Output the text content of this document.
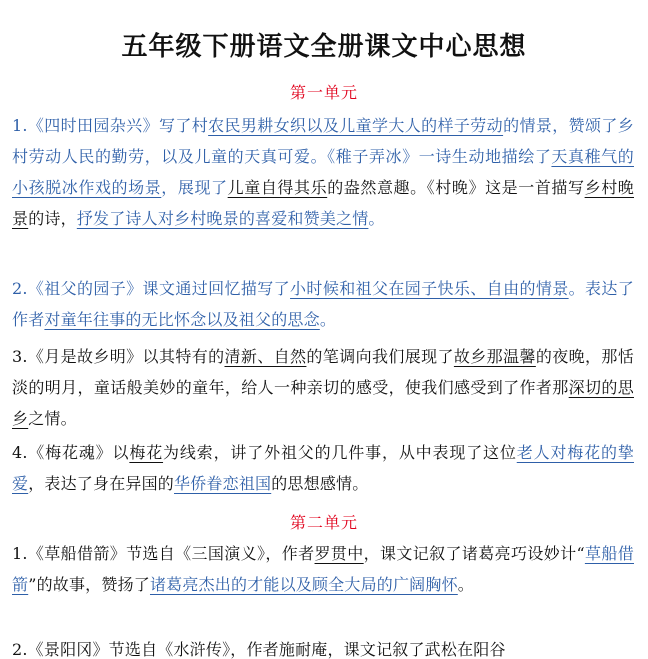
五年级下册语文全册课文中心思想
第一单元
1.《四时田园杂兴》写了村农民男耕女织以及儿童学大人的样子劳动的情景，赞颂了乡村劳动人民的勤劳，以及儿童的天真可爱。《稚子弄冰》一诗生动地描绘了天真稚气的小孩脱冰作戏的场景，展现了儿童自得其乐的盎然意趣。《村晚》这是一首描写乡村晚景的诗，抒发了诗人对乡村晚景的喜爱和赞美之情。
2.《祖父的园子》课文通过回忆描写了小时候和祖父在园子快乐、自由的情景。表达了作者对童年往事的无比怀念以及祖父的思念。
3.《月是故乡明》以其特有的清新、自然的笔调向我们展现了故乡那温馨的夜晚，那恬淡的明月，童话般美妙的童年，给人一种亲切的感受，使我们感受到了作者那深切的思乡之情。
4.《梅花魂》以梅花为线索，讲了外祖父的几件事，从中表现了这位老人对梅花的挚爱，表达了身在异国的华侨眷恋祖国的思想感情。
第二单元
1.《草船借箭》节选自《三国演义》，作者罗贯中，课文记叙了诸葛亮巧设妙计“草船借箭”的故事，赞扬了诸葛亮杰出的才能以及顾全大局的广阔胸怀。
2.《景阳冈》节选自《水浒传》，作者施耐庵，课文记叙了武松在阳谷
